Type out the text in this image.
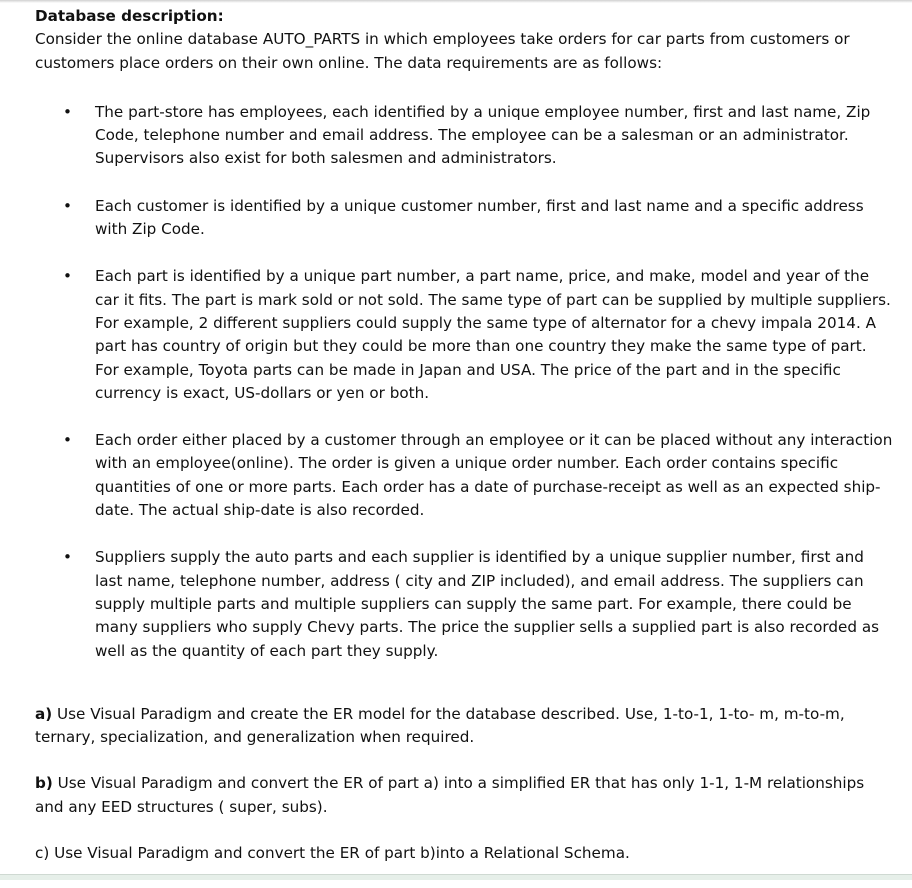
Database description:

Consider the online database AUTO_PARTS in which employees take orders for car parts from customers or customers place orders on their own online. The data requirements are as follows:

• The part-store has employees, each identified by a unique employee number, first and last name, Zip Code, telephone number and email address. The employee can be a salesman or an administrator. Supervisors also exist for both salesmen and administrators.
• Each customer is identified by a unique customer number, first and last name and a specific address with Zip Code.
• Each part is identified by a unique part number, a part name, price, and make, model and year of the car it fits. The part is mark sold or not sold. The same type of part can be supplied by multiple suppliers. For example, 2 different suppliers could supply the same type of alternator for a chevy impala 2014. A part has country of origin but they could be more than one country they make the same type of part. For example, Toyota parts can be made in Japan and USA. The price of the part and in the specific currency is exact, US-dollars or yen or both.
• Each order either placed by a customer through an employee or it can be placed without any interaction with an employee(online). The order is given a unique order number. Each order contains specific quantities of one or more parts. Each order has a date of purchase-receipt as well as an expected ship-date. The actual ship-date is also recorded.
• Suppliers supply the auto parts and each supplier is identified by a unique supplier number, first and last name, telephone number, address ( city and ZIP included), and email address. The suppliers can supply multiple parts and multiple suppliers can supply the same part. For example, there could be many suppliers who supply Chevy parts. The price the supplier sells a supplied part is also recorded as well as the quantity of each part they supply.

a) Use Visual Paradigm and create the ER model for the database described. Use, 1-to-1, 1-to- m, m-to-m, ternary, specialization, and generalization when required.

b) Use Visual Paradigm and convert the ER of part a) into a simplified ER that has only 1-1, 1-M relationships and any EED structures ( super, subs).

c) Use Visual Paradigm and convert the ER of part b)into a Relational Schema.
